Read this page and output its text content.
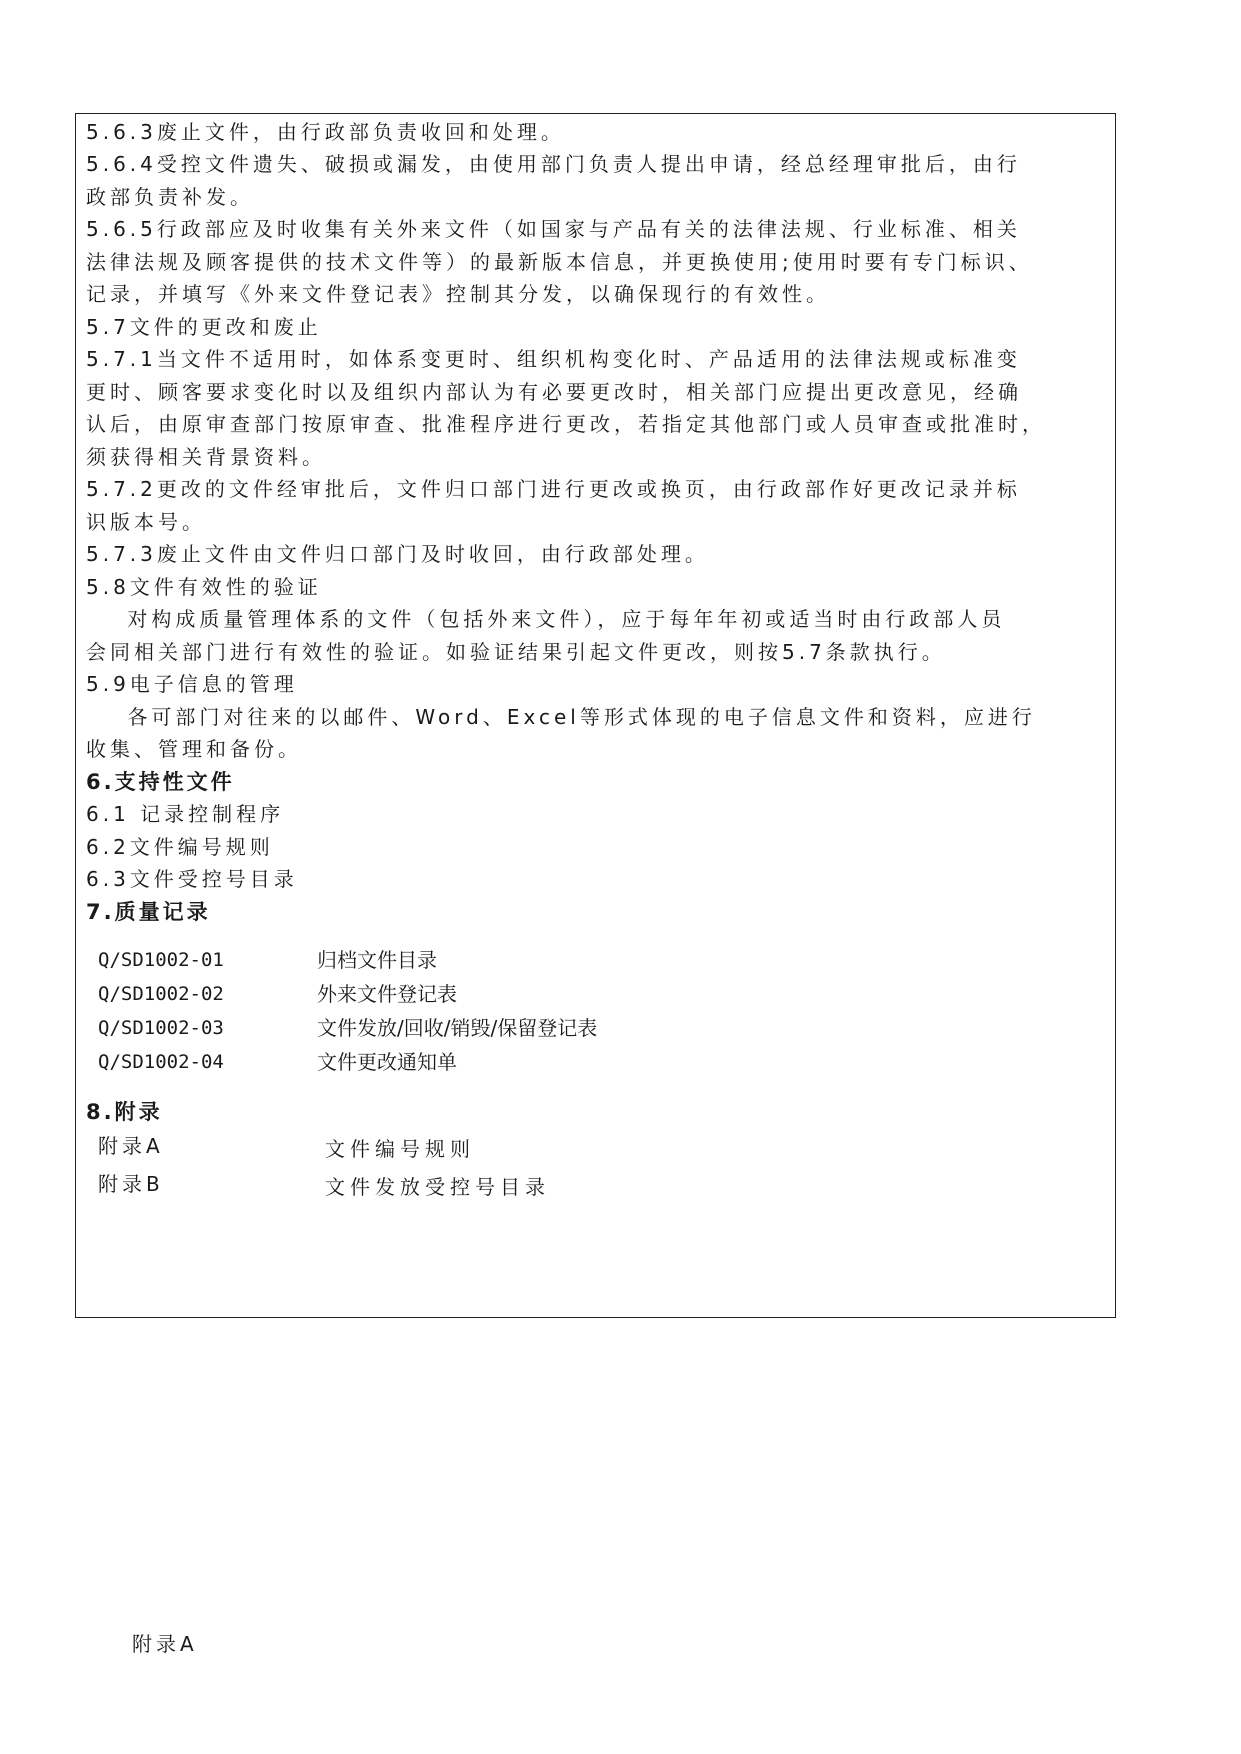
5.6.3废止文件，由行政部负责收回和处理。
5.6.4受控文件遗失、破损或漏发，由使用部门负责人提出申请，经总经理审批后，由行
政部负责补发。
5.6.5行政部应及时收集有关外来文件（如国家与产品有关的法律法规、行业标准、相关
法律法规及顾客提供的技术文件等）的最新版本信息，并更换使用;使用时要有专门标识、
记录，并填写《外来文件登记表》控制其分发，以确保现行的有效性。
5.7文件的更改和废止
5.7.1当文件不适用时，如体系变更时、组织机构变化时、产品适用的法律法规或标准变
更时、顾客要求变化时以及组织内部认为有必要更改时，相关部门应提出更改意见，经确
认后，由原审查部门按原审查、批准程序进行更改，若指定其他部门或人员审查或批准时，
须获得相关背景资料。
5.7.2更改的文件经审批后，文件归口部门进行更改或换页，由行政部作好更改记录并标
识版本号。
5.7.3废止文件由文件归口部门及时收回，由行政部处理。
5.8文件有效性的验证
对构成质量管理体系的文件（包括外来文件），应于每年年初或适当时由行政部人员
会同相关部门进行有效性的验证。如验证结果引起文件更改，则按5.7条款执行。
5.9电子信息的管理
各可部门对往来的以邮件、Word、Excel等形式体现的电子信息文件和资料，应进行
收集、管理和备份。
6.支持性文件
6.1 记录控制程序
6.2文件编号规则
6.3文件受控号目录
7.质量记录
Q/SD1002-01	归档文件目录
Q/SD1002-02	外来文件登记表
Q/SD1002-03	文件发放/回收/销毁/保留登记表
Q/SD1002-04	文件更改通知单
8.附录
附录A	文件编号规则
附录B	文件发放受控号目录
附录A
